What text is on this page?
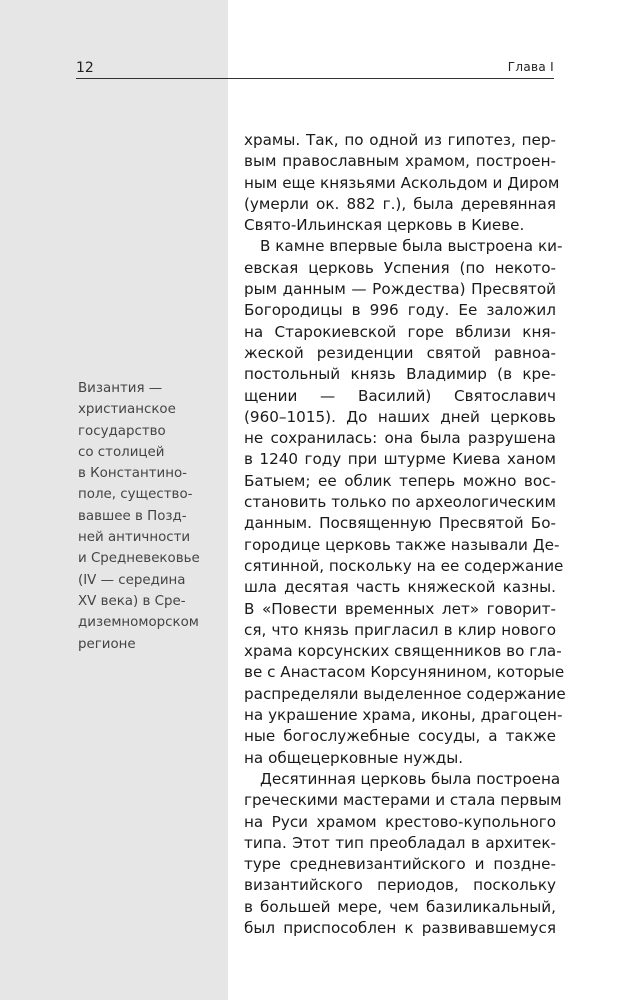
12	Глава I
Византия —
христианское
государство
со столицей
в Константино-
поле, существо-
вавшее в Позд-
ней античности
и Средневековье
(IV — середина
XV века) в Сре-
диземноморском
регионе

храмы. Так, по одной из гипотез, пер-
вым православным храмом, построен-
ным еще князьями Аскольдом и Диром
(умерли ок. 882 г.), была деревянная
Свято-Ильинская церковь в Киеве.

В камне впервые была выстроена ки-
евская церковь Успения (по некото-
рым данным — Рождества) Пресвятой
Богородицы в 996 году. Ее заложил
на Старокиевской горе вблизи кня-
жеской резиденции святой равноа-
постольный князь Владимир (в кре-
щении — Василий) Святославич
(960–1015). До наших дней церковь
не сохранилась: она была разрушена
в 1240 году при штурме Киева ханом
Батыем; ее облик теперь можно вос-
становить только по археологическим
данным. Посвященную Пресвятой Бо-
городице церковь также называли Де-
сятинной, поскольку на ее содержание
шла десятая часть княжеской казны.
В «Повести временных лет» говорит-
ся, что князь пригласил в клир нового
храма корсунских священников во гла-
ве с Анастасом Корсунянином, которые
распределяли выделенное содержание
на украшение храма, иконы, драгоцен-
ные богослужебные сосуды, а также
на общецерковные нужды.

Десятинная церковь была построена
греческими мастерами и стала первым
на Руси храмом крестово-купольного
типа. Этот тип преобладал в архитек-
туре средневизантийского и поздне-
византийского периодов, поскольку
в большей мере, чем базиликальный,
был приспособлен к развивавшемуся
